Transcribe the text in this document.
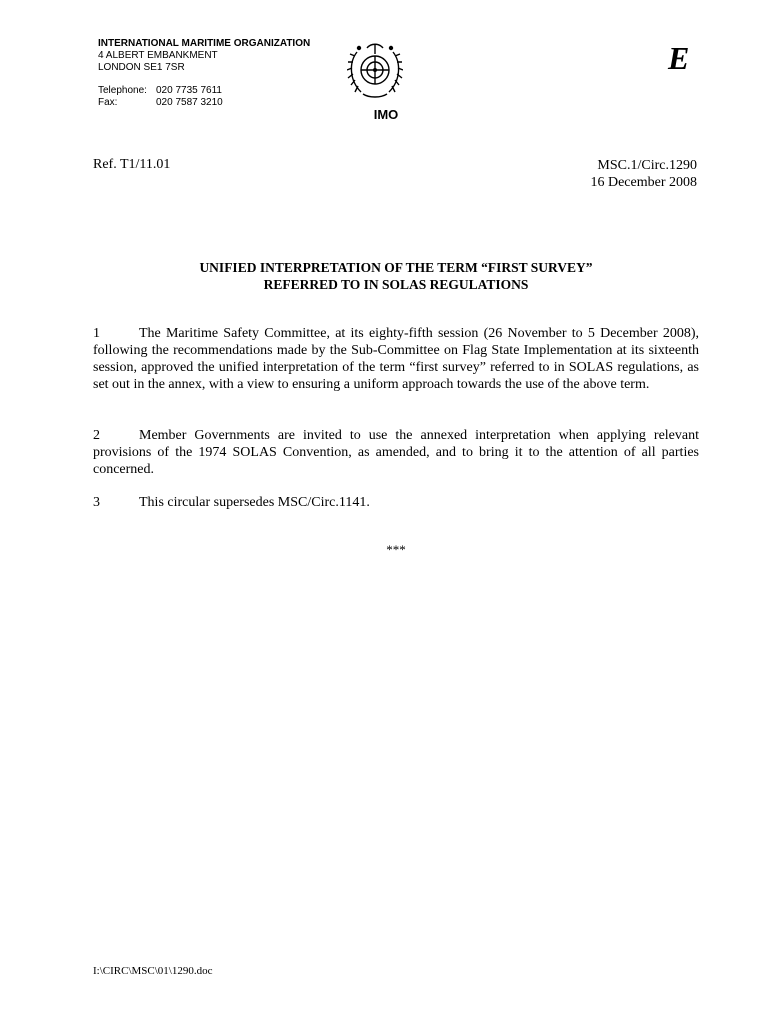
INTERNATIONAL MARITIME ORGANIZATION
4 ALBERT EMBANKMENT
LONDON SE1 7SR
Telephone: 020 7735 7611
Fax:	020 7587 3210
IMO
E
Ref. T1/11.01	MSC.1/Circ.1290
16 December 2008
UNIFIED INTERPRETATION OF THE TERM “FIRST SURVEY”
REFERRED TO IN SOLAS REGULATIONS
1	The Maritime Safety Committee, at its eighty-fifth session (26 November to 5 December 2008), following the recommendations made by the Sub-Committee on Flag State Implementation at its sixteenth session, approved the unified interpretation of the term “first survey” referred to in SOLAS regulations, as set out in the annex, with a view to ensuring a uniform approach towards the use of the above term.
2	Member Governments are invited to use the annexed interpretation when applying relevant provisions of the 1974 SOLAS Convention, as amended, and to bring it to the attention of all parties concerned.
3	This circular supersedes MSC/Circ.1141.
***
I:\CIRC\MSC\01\1290.doc
